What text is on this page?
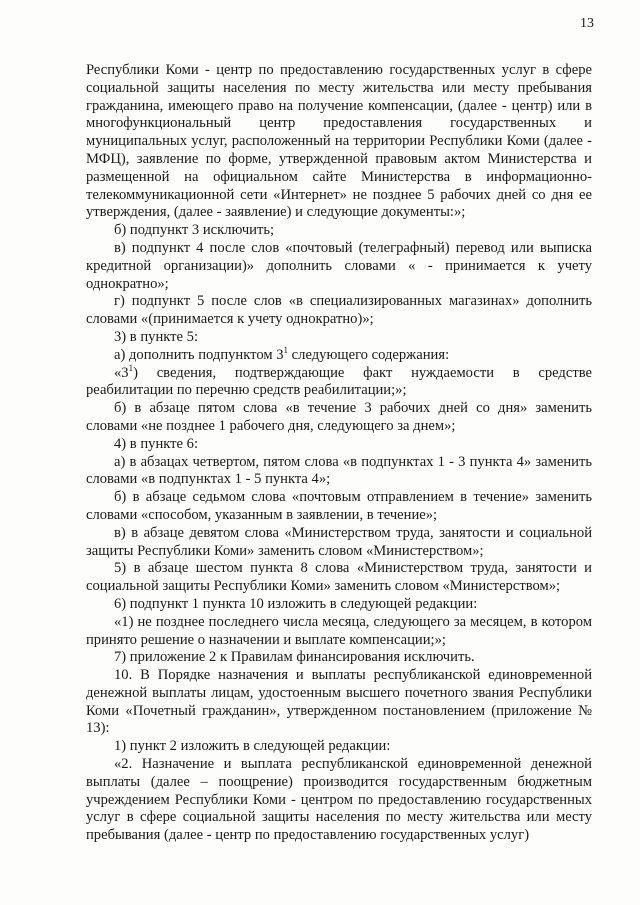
13

Республики Коми - центр по предоставлению государственных услуг в сфере социальной защиты населения по месту жительства или месту пребывания гражданина, имеющего право на получение компенсации, (далее - центр) или в многофункциональный центр предоставления государственных и муниципальных услуг, расположенный на территории Республики Коми (далее - МФЦ), заявление по форме, утвержденной правовым актом Министерства и размещенной на официальном сайте Министерства в информационно-телекоммуникационной сети «Интернет» не позднее 5 рабочих дней со дня ее утверждения, (далее - заявление) и следующие документы:»;

б) подпункт 3 исключить;

в) подпункт 4 после слов «почтовый (телеграфный) перевод или выписка кредитной организации)» дополнить словами « - принимается к учету однократно»;

г) подпункт 5 после слов «в специализированных магазинах» дополнить словами «(принимается к учету однократно)»;

3) в пункте 5:

а) дополнить подпунктом $3^1$ следующего содержания:

«$3^1$) сведения, подтверждающие факт нуждаемости в средстве реабилитации по перечню средств реабилитации;»;

б) в абзаце пятом слова «в течение 3 рабочих дней со дня» заменить словами «не позднее 1 рабочего дня, следующего за днем»;

4) в пункте 6:

а) в абзацах четвертом, пятом слова «в подпунктах 1 - 3 пункта 4» заменить словами «в подпунктах 1 - 5 пункта 4»;

б) в абзаце седьмом слова «почтовым отправлением в течение» заменить словами «способом, указанным в заявлении, в течение»;

в) в абзаце девятом слова «Министерством труда, занятости и социальной защиты Республики Коми» заменить словом «Министерством»;

5) в абзаце шестом пункта 8 слова «Министерством труда, занятости и социальной защиты Республики Коми» заменить словом «Министерством»;

6) подпункт 1 пункта 10 изложить в следующей редакции:

«1) не позднее последнего числа месяца, следующего за месяцем, в котором принято решение о назначении и выплате компенсации;»;

7) приложение 2 к Правилам финансирования исключить.

10. В Порядке назначения и выплаты республиканской единовременной денежной выплаты лицам, удостоенным высшего почетного звания Республики Коми «Почетный гражданин», утвержденном постановлением (приложение № 13):

1) пункт 2 изложить в следующей редакции:

«2. Назначение и выплата республиканской единовременной денежной выплаты (далее – поощрение) производится государственным бюджетным учреждением Республики Коми - центром по предоставлению государственных услуг в сфере социальной защиты населения по месту жительства или месту пребывания (далее - центр по предоставлению государственных услуг)
